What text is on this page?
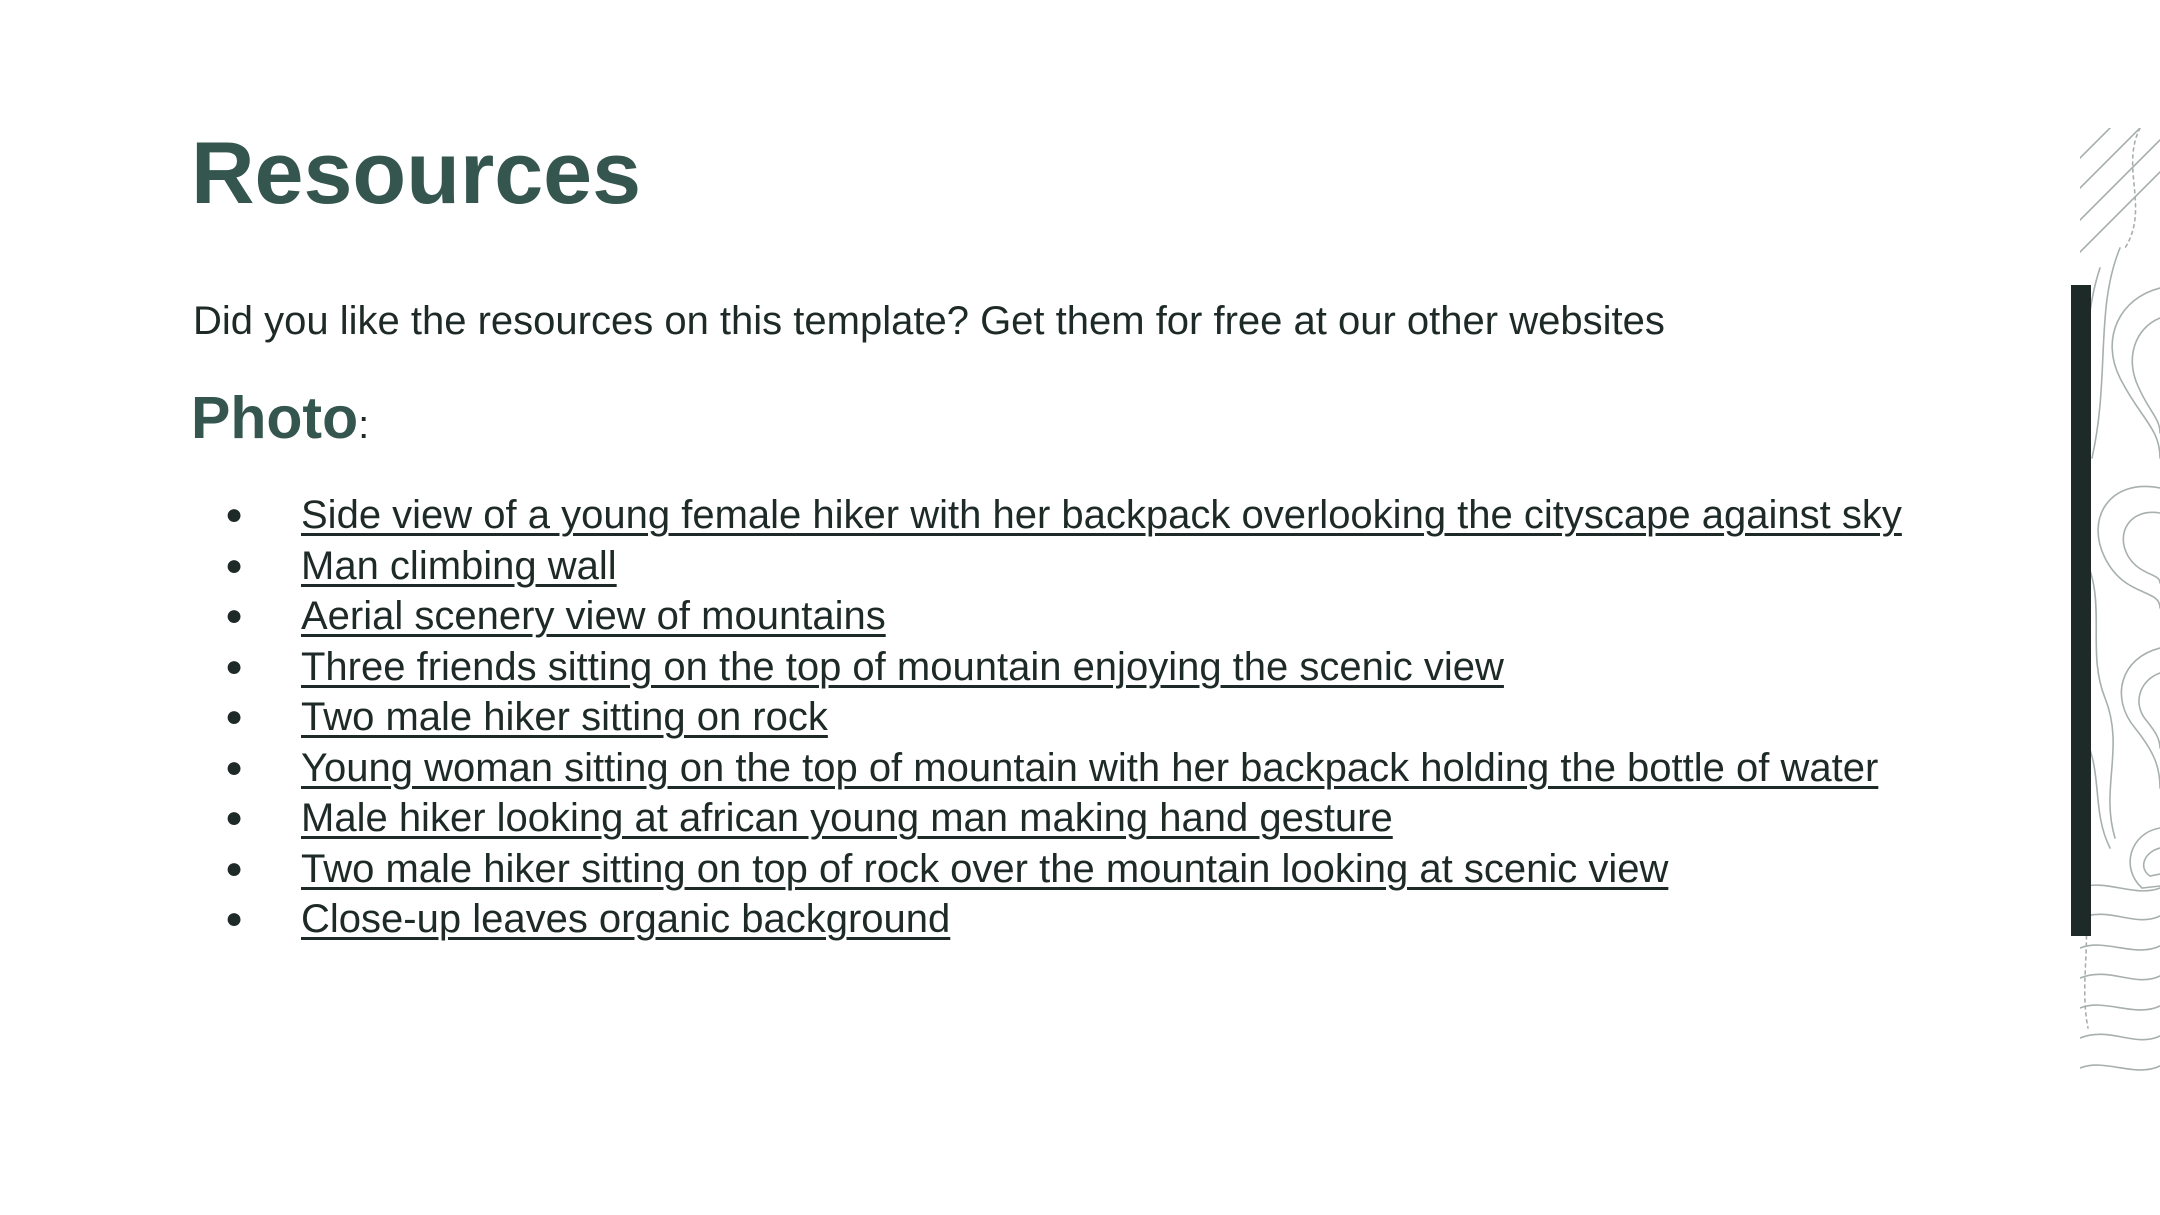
Resources

Did you like the resources on this template? Get them for free at our other websites

Photo:
● Side view of a young female hiker with her backpack overlooking the cityscape against sky
● Man climbing wall
● Aerial scenery view of mountains
● Three friends sitting on the top of mountain enjoying the scenic view
● Two male hiker sitting on rock
● Young woman sitting on the top of mountain with her backpack holding the bottle of water
● Male hiker looking at african young man making hand gesture
● Two male hiker sitting on top of rock over the mountain looking at scenic view
● Close-up leaves organic background
